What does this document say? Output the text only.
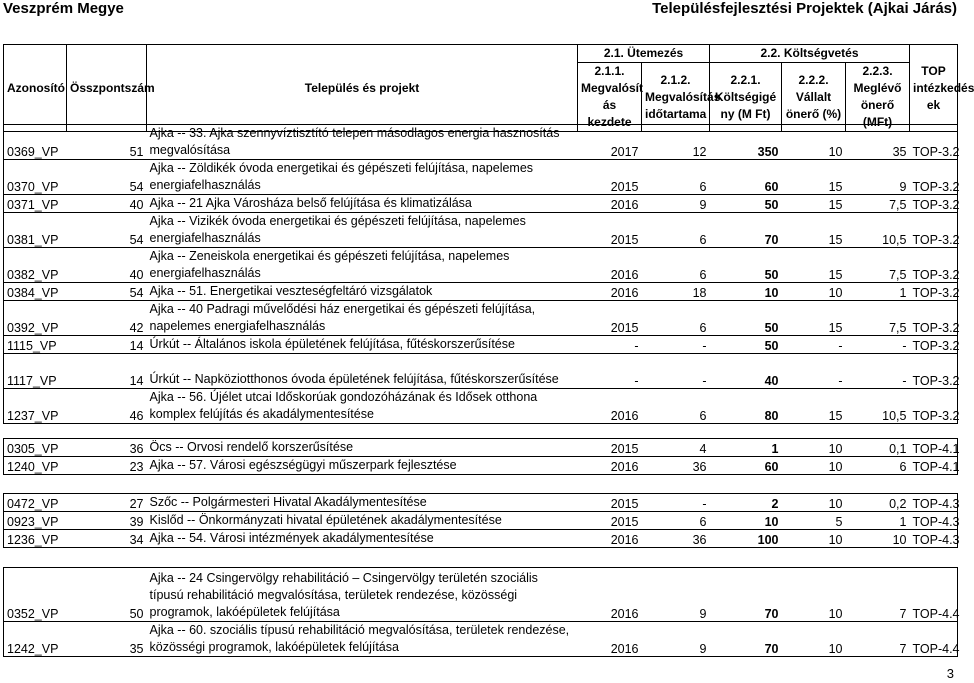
Veszprém Megye	Településfejlesztési Projektek (Ajkai Járás)
Azonosító	Összpontszám	Település és projekt	2.1. Ütemezés		2.2. Költségvetés			TOP intézkedés ek
			2.1.1. Megvalósít ás kezdete	2.1.2. Megvalósítás időtartama	2.2.1. Költségigé ny (M Ft)	2.2.2. Vállalt önerő (%)	2.2.3. Meglévő önerő (MFt)	
0369_VP	51	Ajka -- 33. Ajka szennyvíztisztító telepen másodlagos energia hasznosítás megvalósítása	2017	12	350	10	35	TOP-3.2
0370_VP	54	Ajka -- Zöldikék óvoda energetikai és gépészeti felújítása, napelemes energiafelhasználás	2015	6	60	15	9	TOP-3.2
0371_VP	40	Ajka -- 21 Ajka Városháza belső felújítása és klimatizálása	2016	9	50	15	7,5	TOP-3.2
0381_VP	54	Ajka -- Vizikék óvoda energetikai és gépészeti felújítása, napelemes energiafelhasználás	2015	6	70	15	10,5	TOP-3.2
0382_VP	40	Ajka -- Zeneiskola energetikai és gépészeti felújítása, napelemes energiafelhasználás	2016	6	50	15	7,5	TOP-3.2
0384_VP	54	Ajka -- 51. Energetikai veszteségfeltáró vizsgálatok	2016	18	10	10	1	TOP-3.2
0392_VP	42	Ajka -- 40 Padragi művelődési ház energetikai és gépészeti felújítása, napelemes energiafelhasználás	2015	6	50	15	7,5	TOP-3.2
1115_VP	14	Úrkút -- Általános iskola épületének felújítása, fűtéskorszerűsítése	-	-	50	-	-	TOP-3.2
1117_VP	14	Úrkút -- Napköziotthonos óvoda épületének felújítása, fűtéskorszerűsítése	-	-	40	-	-	TOP-3.2
1237_VP	46	Ajka -- 56. Újélet utcai Időskorúak gondozóházának és Idősek otthona komplex felújítás és akadálymentesítése	2016	6	80	15	10,5	TOP-3.2
0305_VP	36	Öcs -- Orvosi rendelő korszerűsítése	2015	4	1	10	0,1	TOP-4.1
1240_VP	23	Ajka -- 57. Városi egészségügyi műszerpark fejlesztése	2016	36	60	10	6	TOP-4.1
0472_VP	27	Szőc -- Polgármesteri Hivatal Akadálymentesítése	2015	-	2	10	0,2	TOP-4.3
0923_VP	39	Kislőd -- Önkormányzati hivatal épületének akadálymentesítése	2015	6	10	5	1	TOP-4.3
1236_VP	34	Ajka -- 54. Városi intézmények akadálymentesítése	2016	36	100	10	10	TOP-4.3
0352_VP	50	Ajka -- 24 Csingervölgy rehabilitáció – Csingervölgy területén szociális típusú rehabilitáció megvalósítása, területek rendezése, közösségi programok, lakóépületek felújítása	2016	9	70	10	7	TOP-4.4
1242_VP	35	Ajka -- 60. szociális típusú rehabilitáció megvalósítása, területek rendezése, közösségi programok, lakóépületek felújítása	2016	9	70	10	7	TOP-4.4
3
